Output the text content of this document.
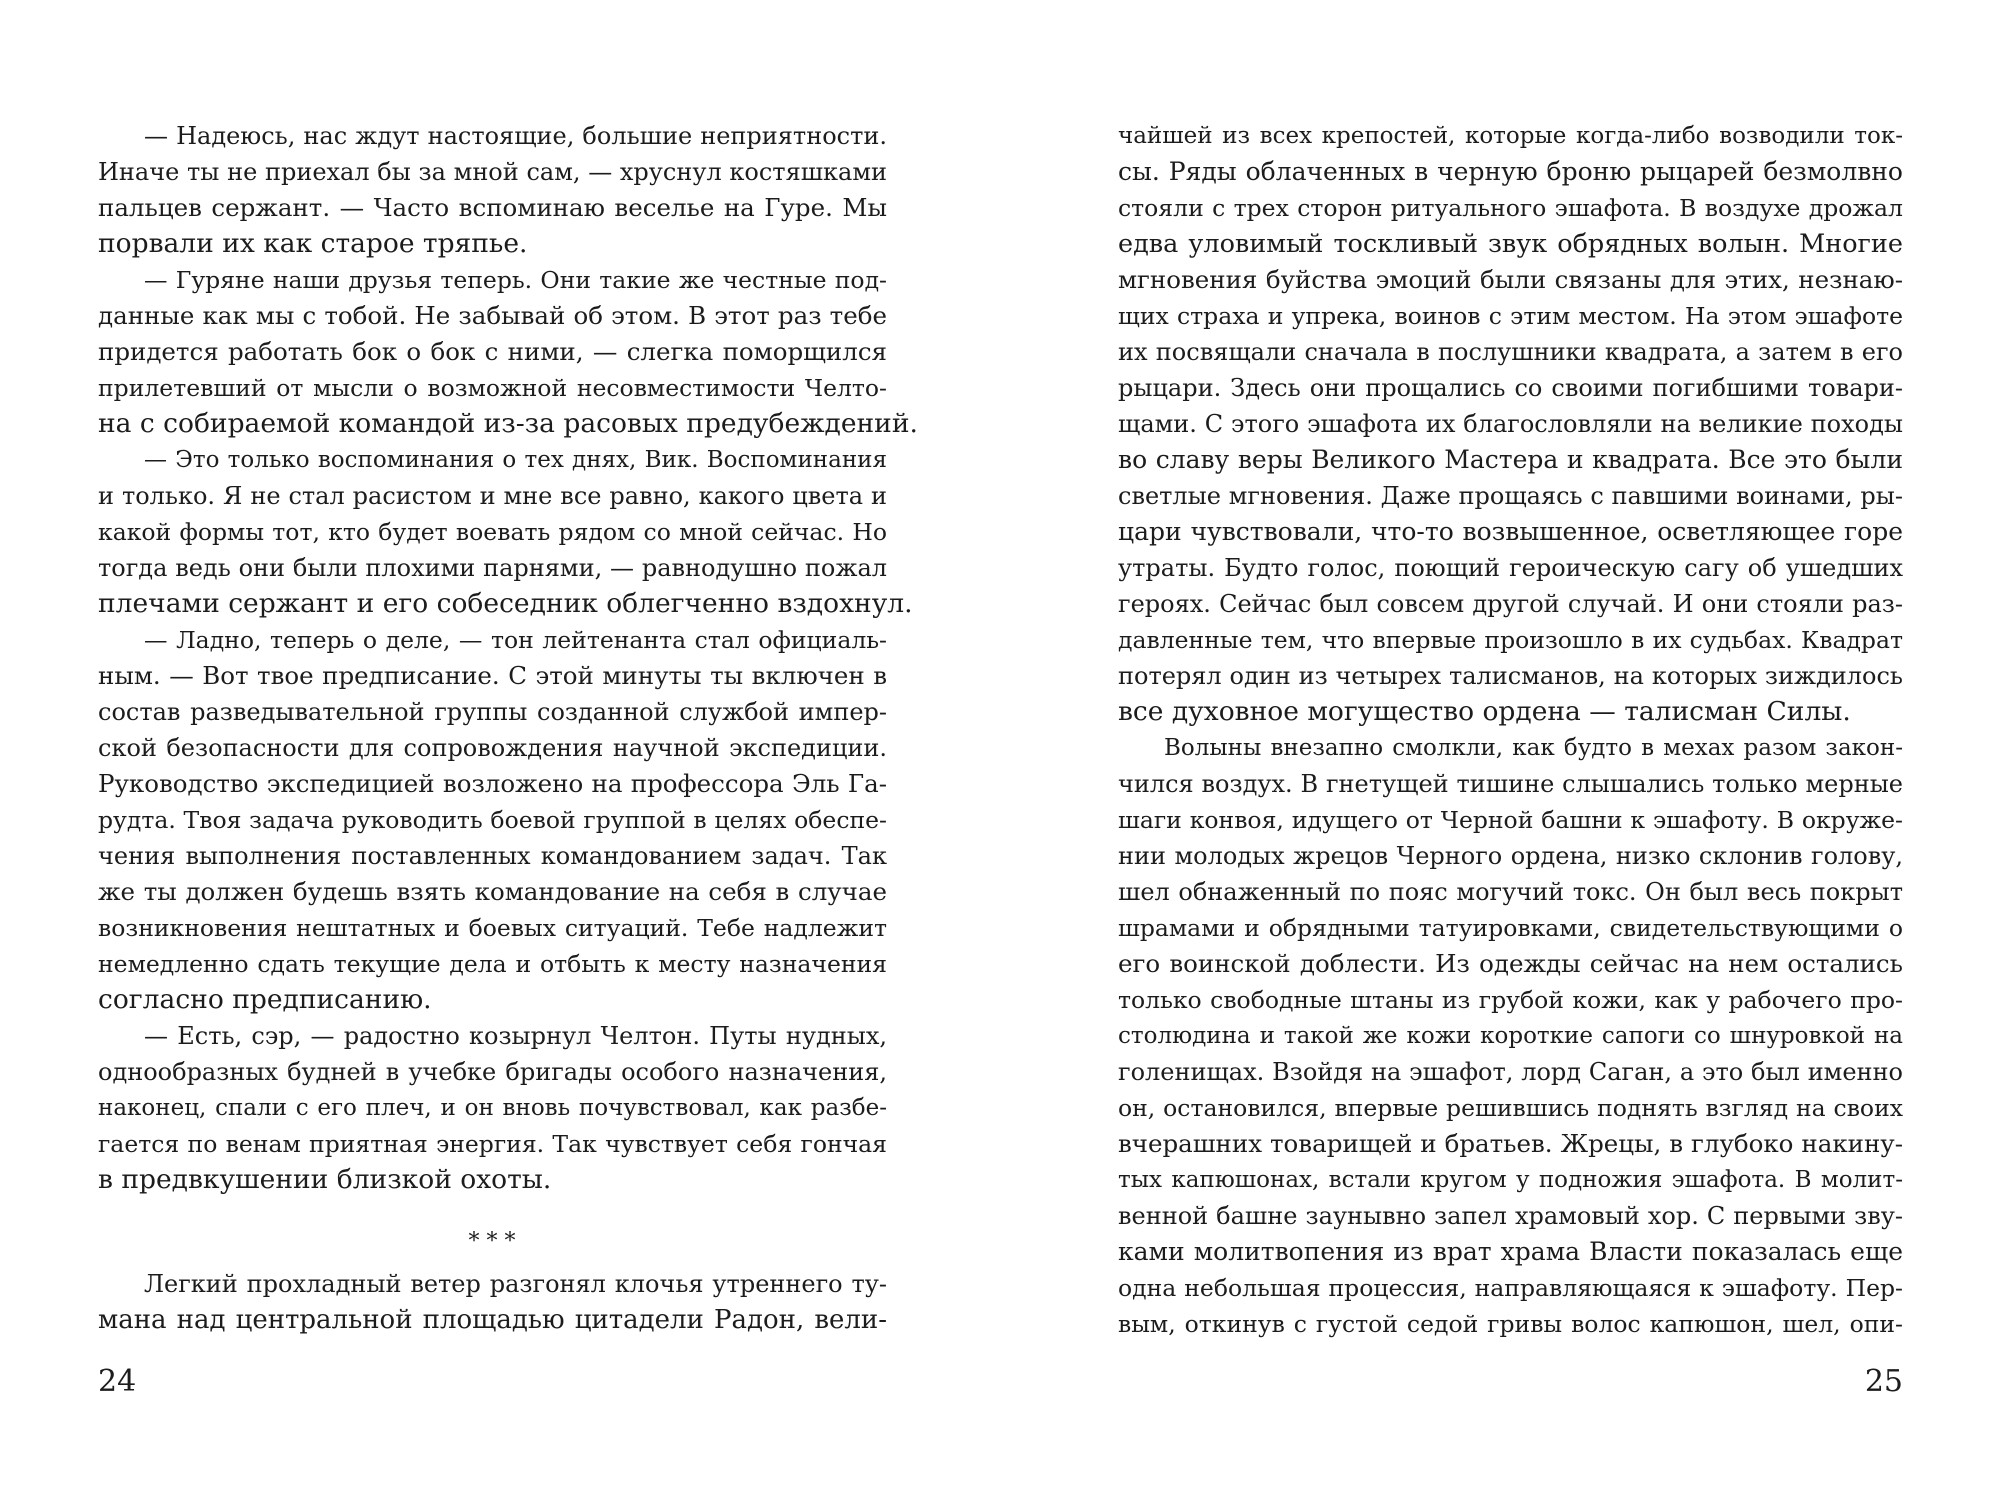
— Надеюсь, нас ждут настоящие, большие неприятности.
Иначе ты не приехал бы за мной сам, — хруснул костяшками
пальцев сержант. — Часто вспоминаю веселье на Гуре. Мы
порвали их как старое тряпье.
— Гуряне наши друзья теперь. Они такие же честные под-
данные как мы с тобой. Не забывай об этом. В этот раз тебе
придется работать бок о бок с ними, — слегка поморщился
прилетевший от мысли о возможной несовместимости Челто-
на с собираемой командой из-за расовых предубеждений.
— Это только воспоминания о тех днях, Вик. Воспоминания
и только. Я не стал расистом и мне все равно, какого цвета и
какой формы тот, кто будет воевать рядом со мной сейчас. Но
тогда ведь они были плохими парнями, — равнодушно пожал
плечами сержант и его собеседник облегченно вздохнул.
— Ладно, теперь о деле, — тон лейтенанта стал официаль-
ным. — Вот твое предписание. С этой минуты ты включен в
состав разведывательной группы созданной службой импер-
ской безопасности для сопровождения научной экспедиции.
Руководство экспедицией возложено на профессора Эль Га-
рудта. Твоя задача руководить боевой группой в целях обеспе-
чения выполнения поставленных командованием задач. Так
же ты должен будешь взять командование на себя в случае
возникновения нештатных и боевых ситуаций. Тебе надлежит
немедленно сдать текущие дела и отбыть к месту назначения
согласно предписанию.
— Есть, сэр, — радостно козырнул Челтон. Путы нудных,
однообразных будней в учебке бригады особого назначения,
наконец, спали с его плеч, и он вновь почувствовал, как разбе-
гается по венам приятная энергия. Так чувствует себя гончая
в предвкушении близкой охоты.
* * *
Легкий прохладный ветер разгонял клочья утреннего ту-
мана над центральной площадью цитадели Радон, вели-
24
чайшей из всех крепостей, которые когда-либо возводили ток-
сы. Ряды облаченных в черную броню рыцарей безмолвно
стояли с трех сторон ритуального эшафота. В воздухе дрожал
едва уловимый тоскливый звук обрядных волын. Многие
мгновения буйства эмоций были связаны для этих, незнаю-
щих страха и упрека, воинов с этим местом. На этом эшафоте
их посвящали сначала в послушники квадрата, а затем в его
рыцари. Здесь они прощались со своими погибшими товари-
щами. С этого эшафота их благословляли на великие походы
во славу веры Великого Мастера и квадрата. Все это были
светлые мгновения. Даже прощаясь с павшими воинами, ры-
цари чувствовали, что-то возвышенное, осветляющее горе
утраты. Будто голос, поющий героическую сагу об ушедших
героях. Сейчас был совсем другой случай. И они стояли раз-
давленные тем, что впервые произошло в их судьбах. Квадрат
потерял один из четырех талисманов, на которых зиждилось
все духовное могущество ордена — талисман Силы.
Волыны внезапно смолкли, как будто в мехах разом закон-
чился воздух. В гнетущей тишине слышались только мерные
шаги конвоя, идущего от Черной башни к эшафоту. В окруже-
нии молодых жрецов Черного ордена, низко склонив голову,
шел обнаженный по пояс могучий токс. Он был весь покрыт
шрамами и обрядными татуировками, свидетельствующими о
его воинской доблести. Из одежды сейчас на нем остались
только свободные штаны из грубой кожи, как у рабочего про-
столюдина и такой же кожи короткие сапоги со шнуровкой на
голенищах. Взойдя на эшафот, лорд Саган, а это был именно
он, остановился, впервые решившись поднять взгляд на своих
вчерашних товарищей и братьев. Жрецы, в глубоко накину-
тых капюшонах, встали кругом у подножия эшафота. В молит-
венной башне заунывно запел храмовый хор. С первыми зву-
ками молитвопения из врат храма Власти показалась еще
одна небольшая процессия, направляющаяся к эшафоту. Пер-
вым, откинув с густой седой гривы волос капюшон, шел, опи-
25
